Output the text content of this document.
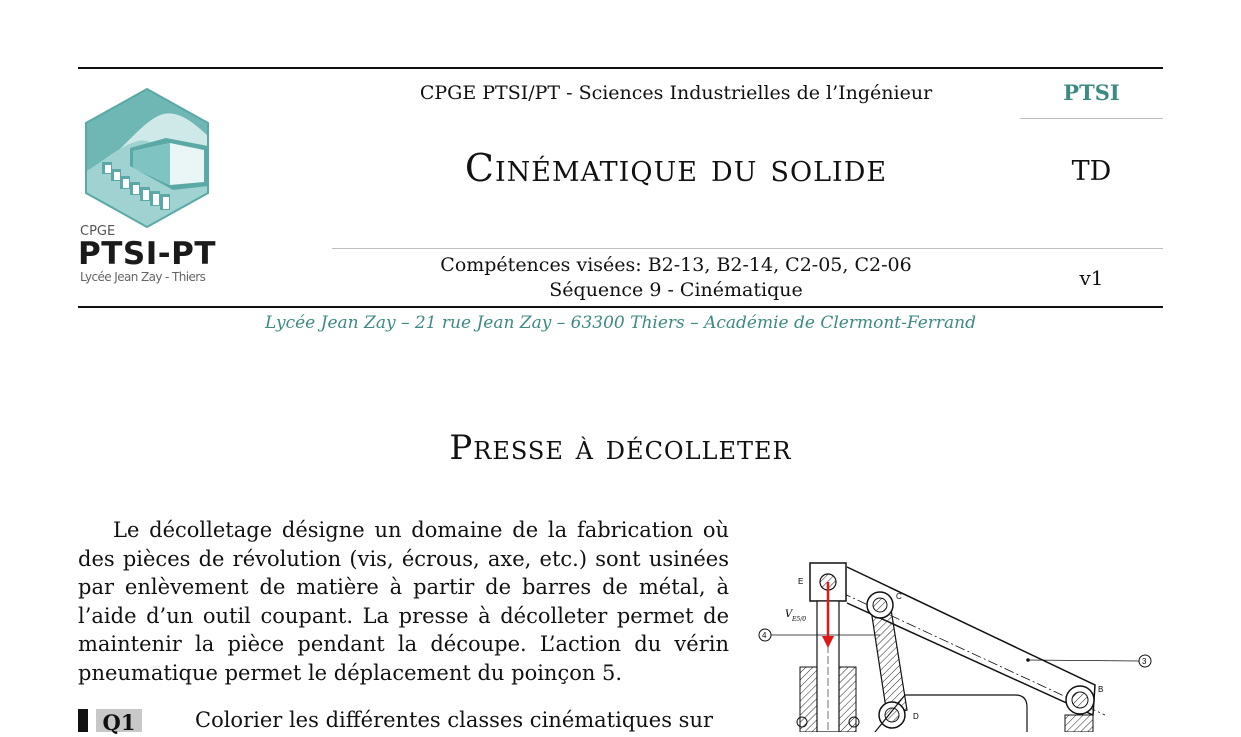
CPGE
PTSI-PT
Lycée Jean Zay - Thiers
CPGE PTSI/PT - Sciences Industrielles de l’Ingénieur	PTSI
Cinématique du solide	TD
Compétences visées: B2-13, B2-14, C2-05, C2-06
Séquence 9 - Cinématique	v1
Lycée Jean Zay – 21 rue Jean Zay – 63300 Thiers – Académie de Clermont-Ferrand
Presse à décolleter
Le décolletage désigne un domaine de la fabrication où des pièces de révolution (vis, écrous, axe, etc.) sont usinées par enlèvement de matière à partir de barres de métal, à l’aide d’un outil coupant. La presse à décolleter permet de maintenir la pièce pendant la découpe. L’action du vérin pneumatique permet le déplacement du poinçon 5.
Q1	Colorier les différentes classes cinématiques sur
E
C
B
D
4
3
V E5/0
